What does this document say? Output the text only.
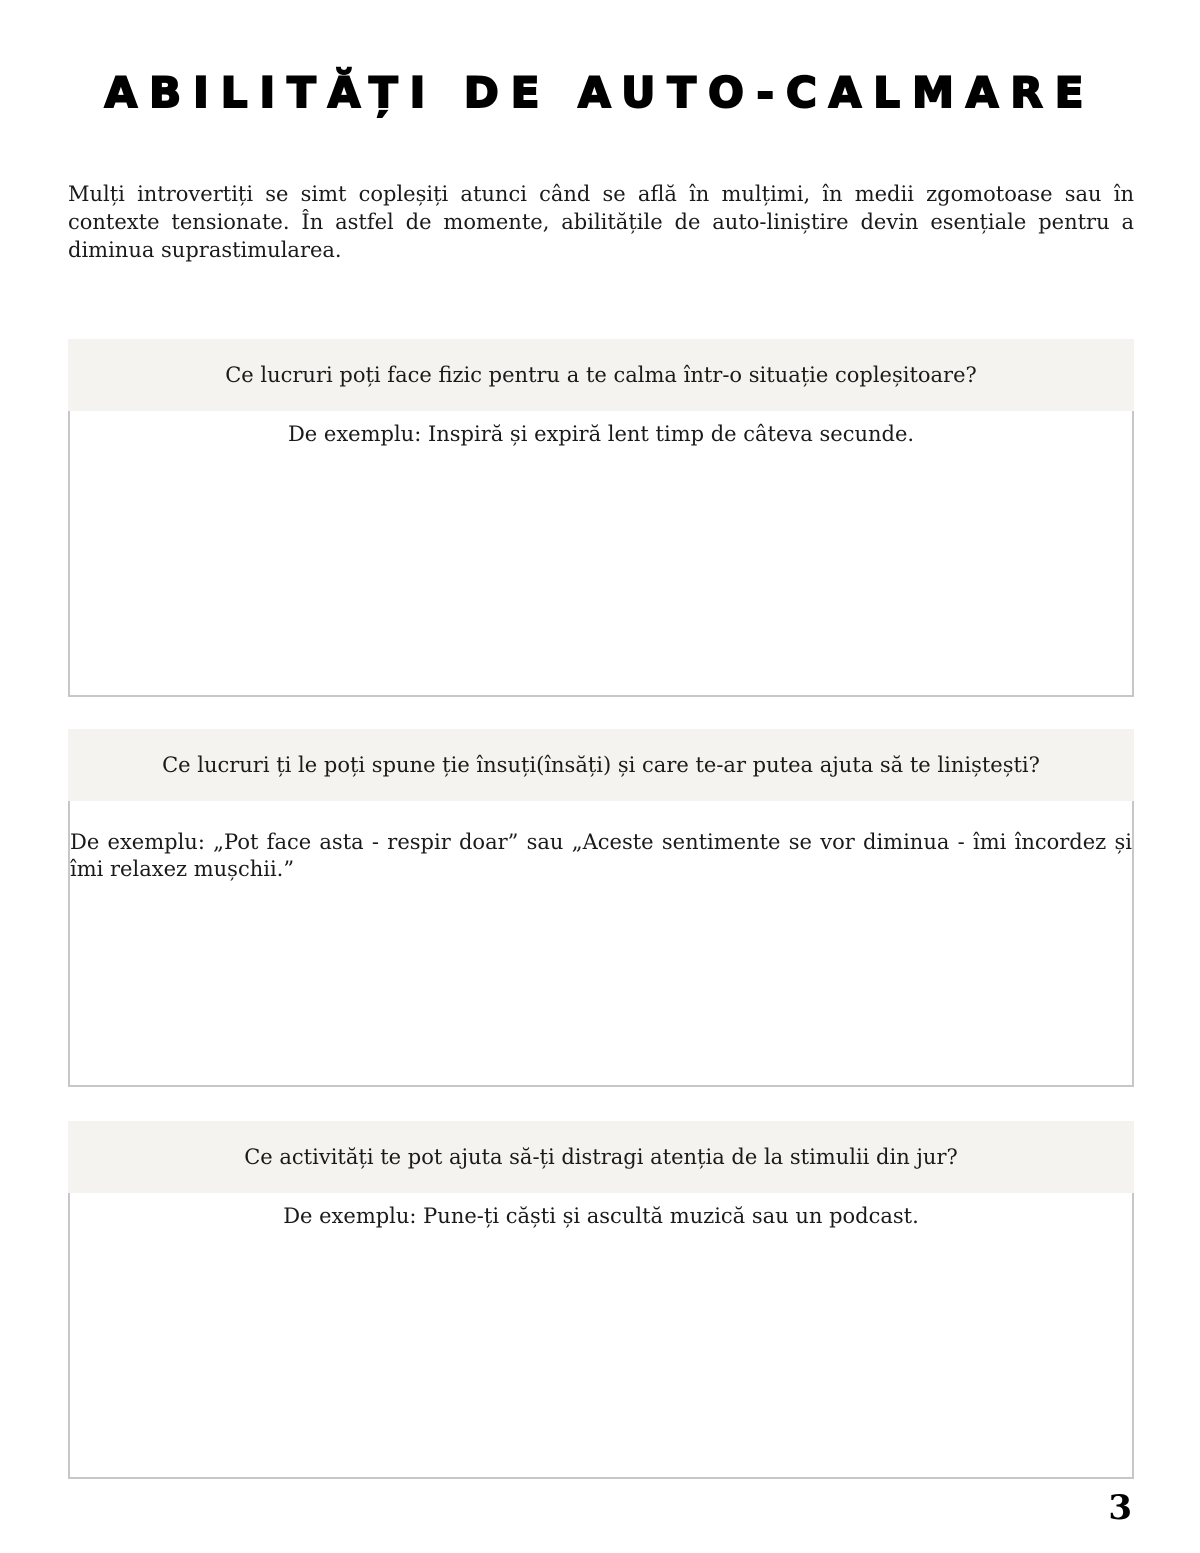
ABILITĂȚI DE AUTO-CALMARE

Mulți introvertiți se simt copleșiți atunci când se află în mulțimi, în medii zgomotoase sau în contexte tensionate. În astfel de momente, abilitățile de auto-liniștire devin esențiale pentru a diminua suprastimularea.

Ce lucruri poți face fizic pentru a te calma într-o situație copleșitoare?

De exemplu: Inspiră și expiră lent timp de câteva secunde.

Ce lucruri ți le poți spune ție însuți(însăți) și care te-ar putea ajuta să te liniștești?

De exemplu: „Pot face asta - respir doar” sau „Aceste sentimente se vor diminua - îmi încordez și îmi relaxez mușchii.”

Ce activități te pot ajuta să-ți distragi atenția de la stimulii din jur?

De exemplu: Pune-ți căști și ascultă muzică sau un podcast.

3
